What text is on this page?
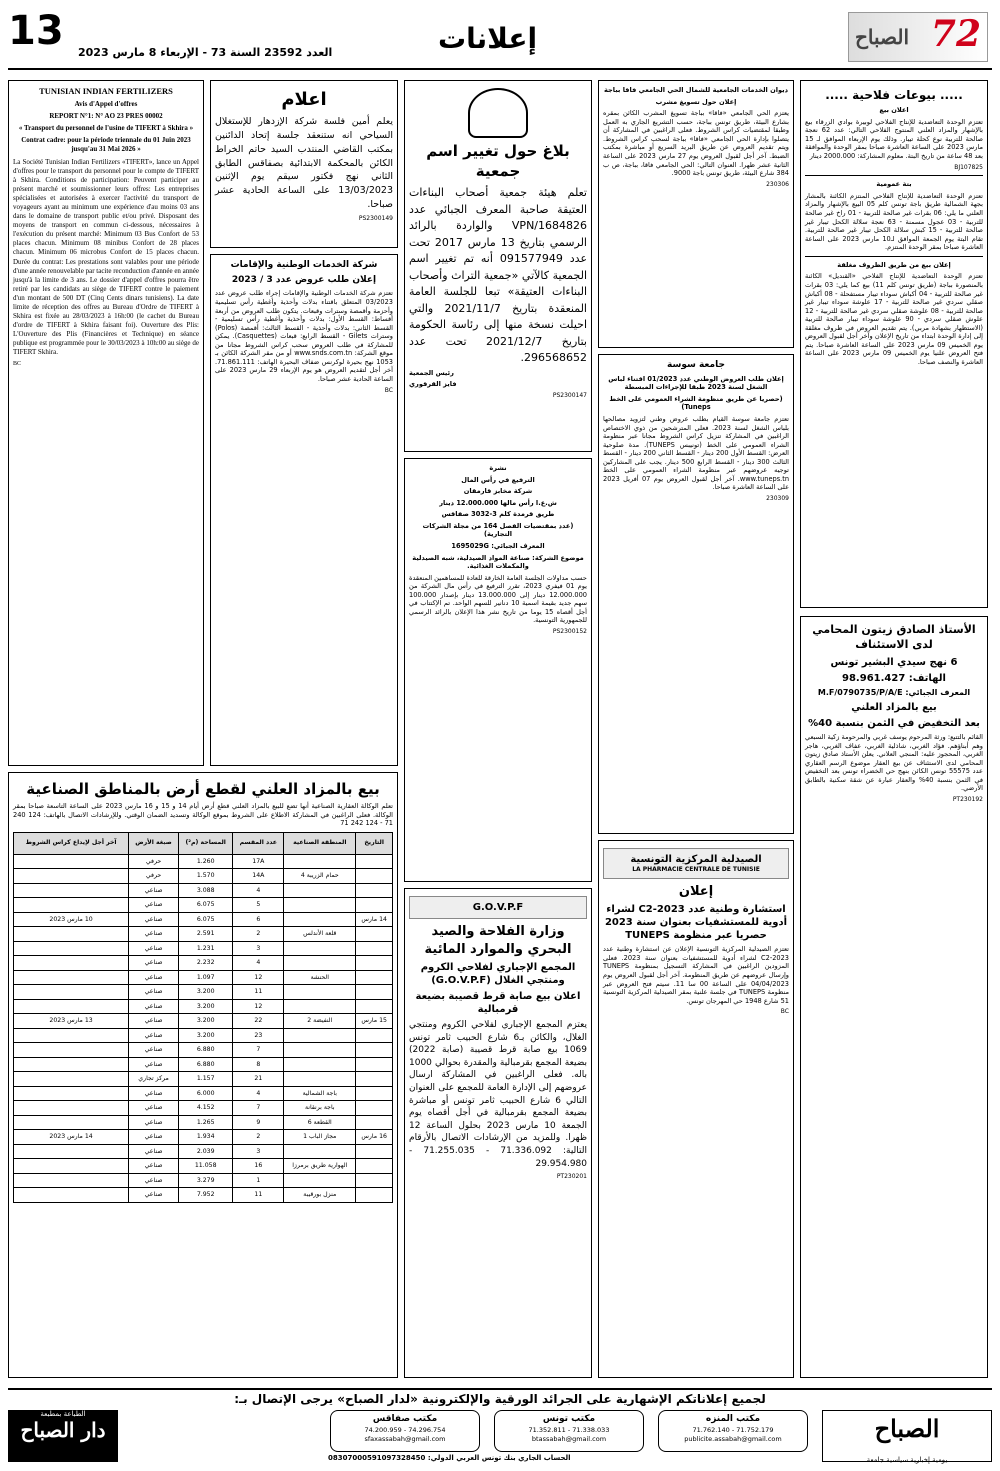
13 العدد 23592 السنة 73 - الإربعاء 8 مارس 2023	إعلانات	72
الصباح
..... بيوعات فلاحية .....
اعلان بيع
تعتزم الوحدة التعاضدية للإنتاج الفلاحي لوبيرة بوادي الزرقاء بيع بالإشهار والمزاد العلني المنتوج الفلاحي التالي: عدد 62 نعجة صالحة للتربية نوع كحلة تيبار. وذلك يوم الإربعاء الموافق لـ 15 مارس 2023 على الساعة العاشرة صباحا بمقر الوحدة والموافقة بعد 48 ساعة من تاريخ البتة. معلوم المشاركة: 2000.000 دينار
BJ107825
بتة عمومية
تعتزم الوحدة التعاضدية للإنتاج الفلاحي المنتزم الكائنة بالمشار بجهة الشمالية طريق باجة تونس كلم 05 البيع بالإشهار والمزاد العلني ما يلي: 06 بقرات غير صالحة للتربية - 01 راخ غير صالحة للتربية - 03 عجول مسمنة - 63 نعجة سلالة الكحل تيبار غير صالحة للتربية - 15 كبش سلالة الكحل تيبار غير صالحة للتربية. تقام البتة يوم الجمعة الموافق لـ10 مارس 2023 على الساعة العاشرة صباحا بمقر الوحدة المنتزم.
إعلان بيع من طريق الظروف مغلقة
تعتزم الوحدة التعاضدية للإنتاج الفلاحي «القنديل» الكائنة بالمنصورة بباجة (طريق تونس كلم 11) بيع كما يلي: 03 بقرات غير صالحة للتربية - 04 أكباش سوداء تيبار مستفحلة - 08 أكباش صقلي سردي غير صالحة للتربية - 17 علوشة سوداء تيبار غير صالحة للتربية - 08 علوشة صقلي سردي غير صالحة للتربية - 12 علوش صقلي سردي - 90 علوشة سوداء تيبار صالحة للتربية (الاستظهار بشهادة مربي). يتم تقديم العروض في ظروف مغلقة إلى إدارة الوحدة ابتداء من تاريخ الإعلان وآخر أجل لقبول العروض يوم الخميس 09 مارس 2023 على الساعة العاشرة صباحا. يتم فتح العروض علنيا يوم الخميس 09 مارس 2023 على الساعة العاشرة والنصف صباحا.
الأستاذ الصادق زيتون المحامي لدى الاستئناف
6 نهج سيدي البشير تونس
الهاتف: 98.961.427
المعرف الجبائي: M.F/0790735/P/A/E
بيع بالمزاد العلني
بعد التخفيض في الثمن بنسبة 40%
القائم بالتتبع: ورثة المرحوم يوسف غربي والمرحومة زكية السبعي وهم أبناؤهم. فؤاد الغربي، شاذلية الغربي، عفاف الغربي، هاجر الغربي، المحجوز عليه: المنجي العلاني. يعلن الأستاذ صادق زيتون المحامي لدى الاستئناف عن بيع العقار موضوع الرسم العقاري عدد 55575 تونس الكائن بنهج حي الخضراء تونس بعد التخفيض في الثمن بنسبة 40% والعقار عبارة عن شقة سكنية بالطابق الأرضي.
PT230192
ديوان الخدمات الجامعية للشمال الحي الجامعي فاقا بباجة
إعلان حول تسويغ مشرب
يعتزم الحي الجامعي «فاقا» بباجة تسويغ المشرب الكائن بمقره بشارع البيئة، طريق تونس بباجة، حسب التشريع الجاري به العمل وطبقا لمقتضيات كراس الشروط. فعلى الراغبين في المشاركة أن يتصلوا بإدارة الحي الجامعي «فاقا» بباجة لسحب كراس الشروط. ويتم تقديم العروض عن طريق البريد السريع أو مباشرة بمكتب الضبط. آخر أجل لقبول العروض يوم 27 مارس 2023 على الساعة الثانية عشر ظهرا. العنوان التالي: الحي الجامعي فاقا، بباجة، ص ب 384 شارع البيئة، طريق تونس باجة 9000.
230306
جامعة سوسة
إعلان طلب العروض الوطني عدد 01/2023 اقتناء لباس الشغل لسنة 2023 طبقا للإجراءات المبسطة
(حصريا عن طريق منظومة الشراء العمومي على الخط Tuneps)
تعتزم جامعة سوسة القيام بطلب عروض وطني لتزويد مصالحها بلباس الشغل لسنة 2023. فعلى المترشحين من ذوي الاختصاص الراغبين في المشاركة تنزيل كراس الشروط مجانا عبر منظومة الشراء العمومي على الخط (تونيبس TUNEPS). مدة صلوحية العرض: القسط الأول 200 دينار - القسط الثاني 200 دينار - القسط الثالث 300 دينار - القسط الرابع 500 دينار. يجب على المشاركين توجيه عروضهم عبر منظومة الشراء العمومي على الخط www.tuneps.tn. آخر أجل لقبول العروض يوم 07 أفريل 2023 على الساعة العاشرة صباحا.
230309
الصيدلية المركزية التونسية
LA PHARMACIE CENTRALE DE TUNISIE
إعلان
استشارة وطنية عدد C2-2023 لشراء أدوية للمستشفيات بعنوان سنة 2023 حصريا عبر منظومة TUNEPS
تعتزم الصيدلية المركزية التونسية الإعلان عن استشارة وطنية عدد C2-2023 لشراء أدوية للمستشفيات بعنوان سنة 2023. فعلى المزودين الراغبين في المشاركة التسجيل بمنظومة TUNEPS وإرسال عروضهم عن طريق المنظومة. آخر أجل لقبول العروض يوم 04/04/2023 على الساعة 00 سا 11. سيتم فتح العروض عبر منظومة TUNEPS في جلسة علنية بمقر الصيدلية المركزية التونسية 51 شارع 1948 حي المهرجان تونس.
BC
بلاغ حول تغيير اسم جمعية
تعلم هيئة جمعية أصحاب البناءات العتيقة صاحبة المعرف الجبائي عدد VPN/1684826 والواردة بالرائد الرسمي بتاريخ 13 مارس 2017 تحت عدد 091577949 أنه تم تغيير اسم الجمعية كالآتي «جمعية التراث وأصحاب البناءات العتيقة» تبعا للجلسة العامة المنعقدة بتاريخ 2021/11/7 والتي احيلت نسخة منها إلى رئاسة الحكومة بتاريخ 2021/12/7 تحت عدد 296568652.
رئيس الجمعية
فايز القرقوري
PS2300147
نشرة
الترفيع في رأس المال
شركة مخابز قارمقان
ش.ع.ا رأس مالها 12.000.000 دينار
طريق قرمدة كلم 3-3032 صفاقس
(عدد بمقتضيات الفصل 164 من مجلة الشركات التجارية)
المعرف الجبائي: 1695029G
موضوع الشركة: صناعة المواد الصيدلية، شبه الصيدلية والمكملات الغذائية.
حسب مداولات الجلسة العامة الخارقة للعادة للمساهمين المنعقدة يوم 01 فيفري 2023، تقرر الترفيع في رأس مال الشركة من 12.000.000 دينار إلى 13.000.000 دينار بإصدار 100.000 سهم جديد بقيمة اسمية 10 دنانير للسهم الواحد. تم الإكتتاب في أجل أقصاه 15 يوما من تاريخ نشر هذا الإعلان بالرائد الرسمي للجمهورية التونسية.
PS2300152
G.O.V.P.F
وزارة الفلاحة والصيد البحري والموارد المائية
المجمع الإجباري لفلاحي الكروم ومنتجي الغلال (G.O.V.P.F)
اعلان بيع صابة قرط قصيبة بضيعة قرمبالية
يعتزم المجمع الإجباري لفلاحي الكروم ومنتجي الغلال، والكائن بـ6 شارع الحبيب ثامر تونس 1069 بيع صابة قرط قصيبة (صابة 2022) بضيعة المجمع بقرمبالية والمقدرة بحوالي 1000 باله. فعلى الراغبين في المشاركة ارسال عروضهم إلى الإدارة العامة للمجمع على العنوان التالي 6 شارع الحبيب ثامر تونس أو مباشرة بضيعة المجمع بقرمبالية في أجل أقصاه يوم الجمعة 10 مارس 2023 بحلول الساعة 12 ظهرا. وللمزيد من الإرشادات الاتصال بالأرقام التالية: 71.336.092 - 71.255.035 - 29.954.980
PT230201
اعلام
يعلم أمين فلسة شركة الإزدهار للإستغلال السياحي انه ستنعقد جلسة إتحاد الدائنين بمكتب القاضي المنتدب السيد حاتم الخراط الكائن بالمحكمة الابتدائية بصفاقس الطابق الثاني نهج فكتور سيقم يوم الإثنين 13/03/2023 على الساعة الحادية عشر صباحا.
PS2300149
شركة الخدمات الوطنية والإقامات
إعلان طلب عروض عدد 3 / 2023
تعتزم شركة الخدمات الوطنية والإقامات إجراء طلب عروض عدد 03/2023 المتعلق باقتناء بدلات وأحذية وأغطية رأس تسليمية وأحزمة وأقمصة وسترات وقبعات. يتكون طلب العروض من أربعة أقساط: القسط الأول: بدلات وأحذية وأغطية رأس تسليمية - القسط الثاني: بدلات وأحذية - القسط الثالث: أقمصة (Polos) وسترات Gilets - القسط الرابع: قبعات (Casquettes). يمكن للمشاركة في طلب العروض سحب كراس الشروط مجانا من موقع الشركة: www.snds.com.tn أو من مقر الشركة الكائن بـ 1053 نهج بحيرة لوكرنس ضفاف البحيرة الهاتف: 71.861.111. آخر أجل لتقديم العروض هو يوم الإربعاء 29 مارس 2023 على الساعة الحادية عشر صباحا.
BC
TUNISIAN INDIAN FERTILIZERS
Avis d'Appel d'offres
REPORT N°1: N° AO 23 PRES 00002
« Transport du personnel de l'usine de TIFERT à Skhira »
Contrat cadre: pour la période triennale du 01 Juin 2023 jusqu'au 31 Mai 2026 »
La Société Tunisian Indian Fertilizers «TIFERT», lance un Appel d'offres pour le transport du personnel pour le compte de TIFERT à Skhira. Conditions de participation: Peuvent participer au présent marché et soumissionner leurs offres: Les entreprises spécialisées et autorisées à exercer l'activité du transport de voyageurs ayant au minimum une expérience d'au moins 03 ans dans le domaine de transport public et/ou privé. Disposant des moyens de transport en commun ci-dessous, nécessaires à l'exécution du présent marché: Minimum 03 Bus Confort de 53 places chacun. Minimum 08 minibus Confort de 28 places chacun. Minimum 06 microbus Confort de 15 places chacun. Durée du contrat: Les prestations sont valables pour une période d'une année renouvelable par tacite reconduction d'année en année jusqu'à la limite de 3 ans. Le dossier d'appel d'offres pourra être retiré par les candidats au siège de TIFERT contre le paiement d'un montant de 500 DT (Cinq Cents dinars tunisiens). La date limite de réception des offres au Bureau d'Ordre de TIFERT à Skhira est fixée au 28/03/2023 à 16h:00 (le cachet du Bureau d'ordre de TIFERT à Skhira faisant foi). Ouverture des Plis: L'Ouverture des Plis (Financières et Technique) en séance publique est programmée pour le 30/03/2023 à 10h:00 au siège de TIFERT Skhira.
BC
بيع بالمزاد العلني لقطع أرض بالمناطق الصناعية
تعلم الوكالة العقارية الصناعية أنها تضع للبيع بالمزاد العلني قطع أرض أيام 14 و 15 و 16 مارس 2023 على الساعة التاسعة صباحا بمقر الوكالة. فعلى الراغبين في المشاركة الاطلاع على الشروط بموقع الوكالة وتسديد الضمان الوقتي. وللإرشادات الاتصال بالهاتف: 124 240 71 - 124 242 71
التاريخ	المنطقة الصناعية	عدد المقسم	المساحة (م²)	صبغة الأرض	آخر أجل لإيداع كراس الشروط
		17A	1.260	حرفي	
	حمام الزريبة 4	14A	1.570	حرفي	
		4	3.088	صناعي	
		5	6.075	صناعي	
14 مارس		6	6.075	صناعي	10 مارس 2023
	قلعة الأندلس	2	2.591	صناعي	
		3	1.231	صناعي	
		4	2.232	صناعي	
	الحنشة	12	1.097	صناعي	
		11	3.200	صناعي	
		12	3.200	صناعي	
15 مارس	النفيضة 2	22	3.200	صناعي	13 مارس 2023
		23	3.200	صناعي	
		7	6.880	صناعي	
		8	6.880	صناعي	
		21	1.157	مركز تجاري	
	باجة الشمالية	4	6.000	صناعي	
	باجة برنقانة	7	4.152	صناعي	
	القطعة 6	9	1.265	صناعي	
16 مارس	مجاز الباب 1	2	1.934	صناعي	14 مارس 2023
		3	2.039	صناعي	
	الهوارية طريق برمرزا	16	11.058	صناعي	
		1	3.279	صناعي	
	منزل بورقيبة	11	7.952	صناعي	
لجميع إعلاناتكم الإشهارية على الجرائد الورقية والإلكترونية «لدار الصباح» يرجى الإتصال بـ:
الصباح
يومية إخبارية سياسية جامعة
مكتب المنزه
71.752.179 - 71.762.140
publicite.assabah@gmail.com
مكتب تونس
71.338.033 - 71.352.811
btassabah@gmail.com
مكتب صفاقس
74.296.754 - 74.200.959
sfaxassabah@gmail.com
الطباعة بمطبعة
دار الصباح
الحساب الجاري بنك تونس العربي الدولي: 08307000591097328450
